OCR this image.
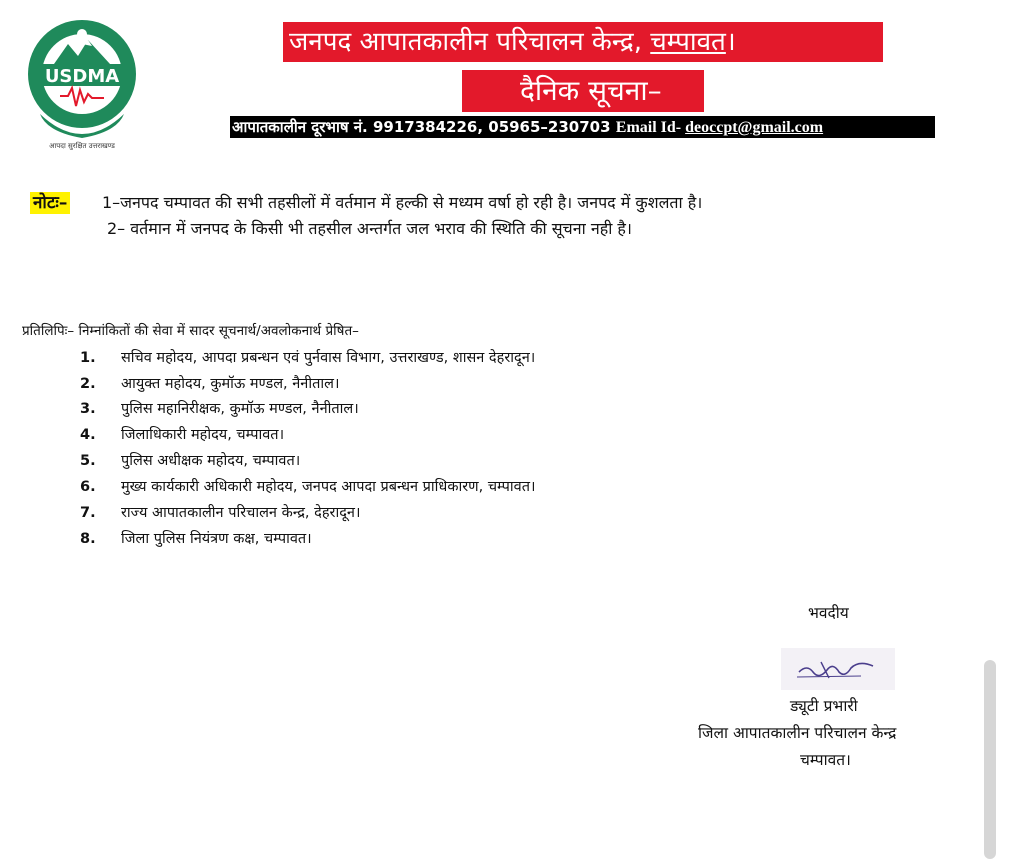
USDMA
आपदा सुरक्षित उत्तराखण्ड
जनपद आपातकालीन परिचालन केन्द्र, चम्पावत।
दैनिक सूचना–
आपातकालीन दूरभाष नं. 9917384226, 05965–230703 Email Id- deoccpt@gmail.com
नोटः– 1–जनपद चम्पावत की सभी तहसीलों में वर्तमान में हल्की से मध्यम वर्षा हो रही है। जनपद में कुशलता है।
2– वर्तमान में जनपद के किसी भी तहसील अन्तर्गत जल भराव की स्थिति की सूचना नही है।
प्रतिलिपिः– निम्नांकितों की सेवा में सादर सूचनार्थ/अवलोकनार्थ प्रेषित–
1. सचिव महोदय, आपदा प्रबन्धन एवं पुर्नवास विभाग, उत्तराखण्ड, शासन देहरादून।
2. आयुक्त महोदय, कुमॉऊ मण्डल, नैनीताल।
3. पुलिस महानिरीक्षक, कुमॉऊ मण्डल, नैनीताल।
4. जिलाधिकारी महोदय, चम्पावत।
5. पुलिस अधीक्षक महोदय, चम्पावत।
6. मुख्य कार्यकारी अधिकारी महोदय, जनपद आपदा प्रबन्धन प्राधिकारण, चम्पावत।
7. राज्य आपातकालीन परिचालन केन्द्र, देहरादून।
8. जिला पुलिस नियंत्रण कक्ष, चम्पावत।
भवदीय
ड्यूटी प्रभारी
जिला आपातकालीन परिचालन केन्द्र
चम्पावत।
